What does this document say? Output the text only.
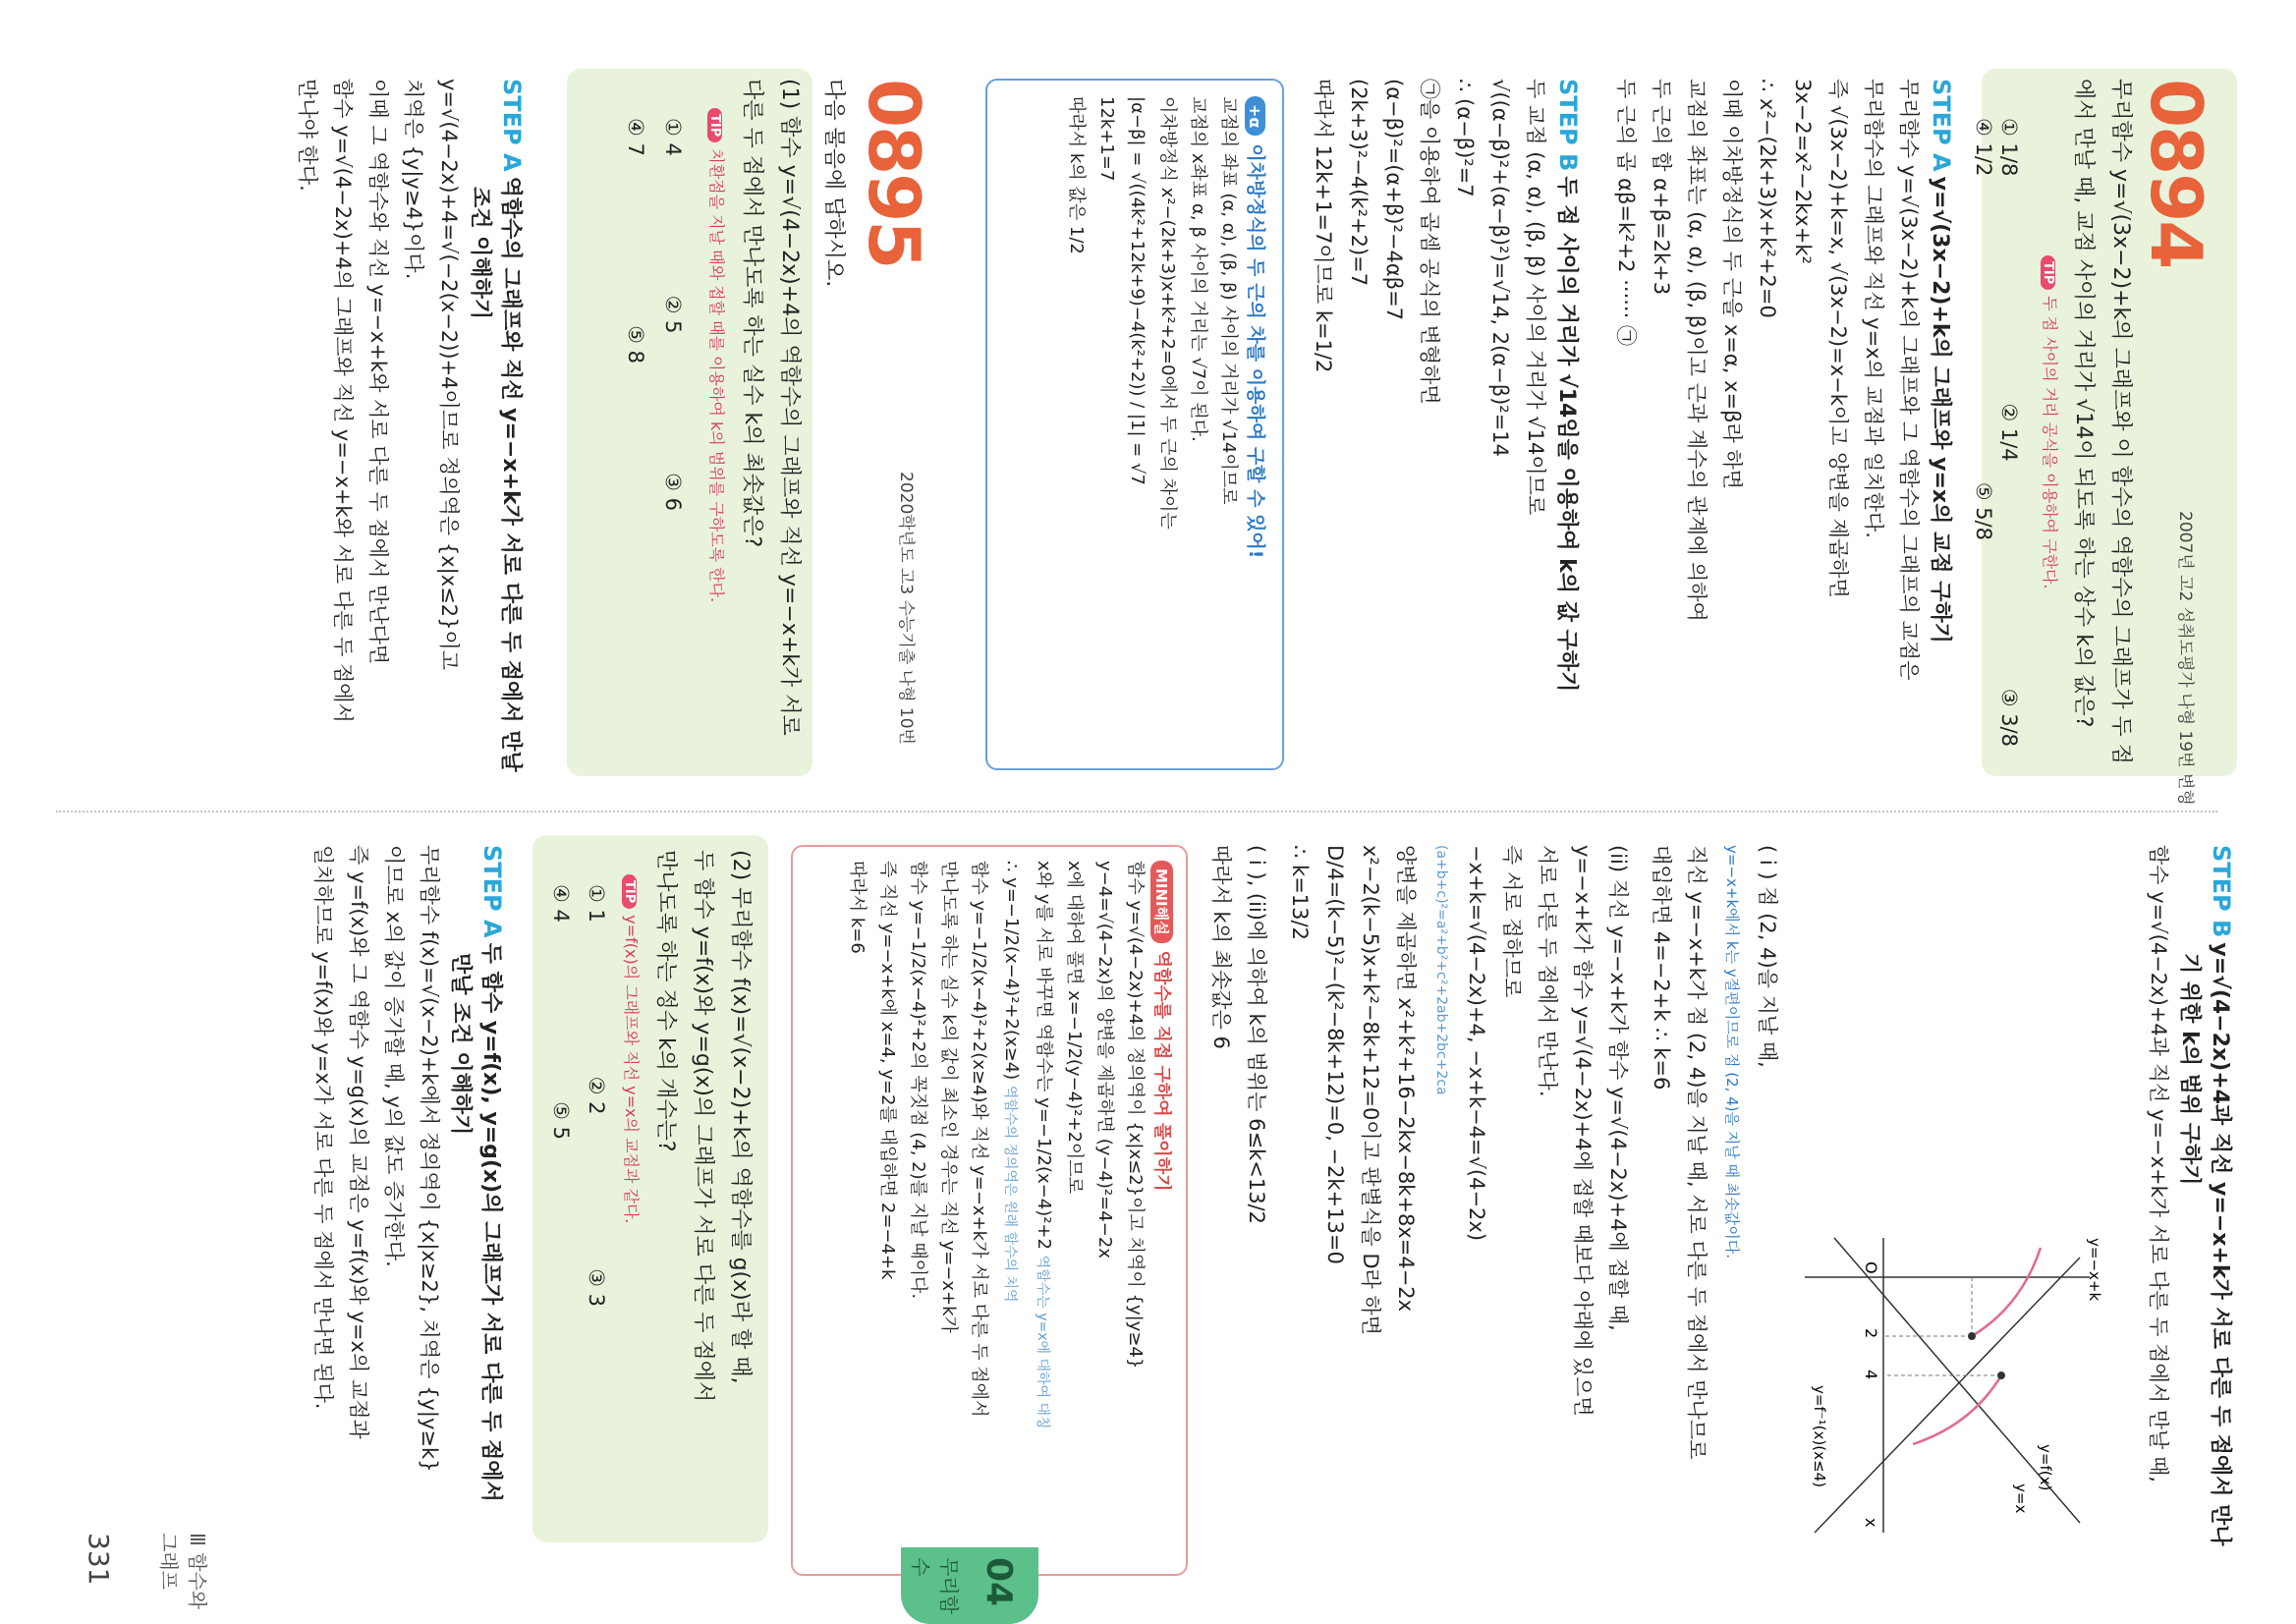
0894
2007년 고2 성취도평가 나형 19번 변형
무리함수 y=√(3x−2)+k의 그래프와 이 함수의 역함수의 그래프가 두 점
에서 만날 때, 교점 사이의 거리가 √14이 되도록 하는 상수 k의 값은?
TIP두 점 사이의 거리 공식을 이용하여 구한다.
① 1/8
② 1/4
③ 3/8
④ 1/2
⑤ 5/8
STEP A y=√(3x−2)+k의 그래프와 y=x의 교점 구하기
무리함수 y=√(3x−2)+k의 그래프와 그 역함수의 그래프의 교점은
무리함수의 그래프와 직선 y=x의 교점과 일치한다.
즉 √(3x−2)+k=x, √(3x−2)=x−k이고 양변을 제곱하면
3x−2=x²−2kx+k²
∴ x²−(2k+3)x+k²+2=0
이때 이차방정식의 두 근을 x=α, x=β라 하면
교점의 좌표는 (α, α), (β, β)이고 근과 계수의 관계에 의하여
두 근의 합 α+β=2k+3
두 근의 곱 αβ=k²+2 ······ ㉠
STEP B 두 점 사이의 거리가 √14임을 이용하여 k의 값 구하기
두 교점 (α, α), (β, β) 사이의 거리가 √14이므로
√((α−β)²+(α−β)²)=√14, 2(α−β)²=14
∴ (α−β)²=7
㉠을 이용하여 곱셈 공식의 변형하면
(α−β)²=(α+β)²−4αβ=7
(2k+3)²−4(k²+2)=7
따라서 12k+1=7이므로 k=1/2
+α이차방정식의 두 근의 차를 이용하여 구할 수 있어!
교점의 좌표 (α, α), (β, β) 사이의 거리가 √14이므로
교점의 x좌표 α, β 사이의 거리는 √7이 된다.
이차방정식 x²−(2k+3)x+k²+2=0에서 두 근의 차이는
|α−β| = √((4k²+12k+9)−4(k²+2)) / |1| = √7
12k+1=7
따라서 k의 값은 1/2
0895
2020학년도 고3 수능기출 나형 10번
다음 물음에 답하시오.
(1) 함수 y=√(4−2x)+4의 역함수의 그래프와 직선 y=−x+k가 서로
다른 두 점에서 만나도록 하는 실수 k의 최솟값은?
TIP치환점을 지날 때와 접할 때를 이용하여 k의 범위를 구하도록 한다.
① 4
② 5
③ 6
④ 7
⑤ 8
STEP A 역함수의 그래프와 직선 y=−x+k가 서로 다른 두 점에서 만날
조건 이해하기
y=√(4−2x)+4=√(−2(x−2))+4이므로 정의역은 {x|x≤2}이고
치역은 {y|y≥4}이다.
이때 그 역함수와 직선 y=−x+k와 서로 다른 두 점에서 만난다면
함수 y=√(4−2x)+4의 그래프와 직선 y=−x+k와 서로 다른 두 점에서
만나야 한다.
STEP B y=√(4−2x)+4과 직선 y=−x+k가 서로 다른 두 점에서 만나
기 위한 k의 범위 구하기
함수 y=√(4−2x)+4과 직선 y=−x+k가 서로 다른 두 점에서 만날 때,
O
2
4
x
y=f(x)
y=x
y=−x+k
y=f⁻¹(x)(x≤4)
( i ) 점 (2, 4)을 지날 때,
y=−x+k에서 k는 y절편이므로 점 (2, 4)을 지날 때 최솟값이다.
직선 y=−x+k가 점 (2, 4)을 지날 때, 서로 다른 두 점에서 만나므로
대입하면 4=−2+k ∴ k=6
(ii) 직선 y=−x+k가 함수 y=√(4−2x)+4에 접할 때,
y=−x+k가 함수 y=√(4−2x)+4에 접할 때보다 아래에 있으면
서로 다른 두 점에서 만난다.
즉 서로 접하므로
−x+k=√(4−2x)+4, −x+k−4=√(4−2x)
(a+b+c)²=a²+b²+c²+2ab+2bc+2ca
양변을 제곱하면 x²+k²+16−2kx−8k+8x=4−2x
x²−2(k−5)x+k²−8k+12=0이고 판별식을 D라 하면
D/4=(k−5)²−(k²−8k+12)=0, −2k+13=0
∴ k=13/2
( i ), (ii)에 의하여 k의 범위는 6≤k<13/2
따라서 k의 최솟값은 6
MINI해설역함수를 직접 구하여 풀이하기
함수 y=√(4−2x)+4의 정의역이 {x|x≤2}이고 치역이 {y|y≥4}
y−4=√(4−2x)의 양변을 제곱하면 (y−4)²=4−2x
x에 대하여 풀면 x=−1/2(y−4)²+2이므로
x와 y를 서로 바꾸면 역함수는 y=−1/2(x−4)²+2 역함수는 y=x에 대하여 대칭
∴ y=−1/2(x−4)²+2(x≥4) 역함수의 정의역은 원래 함수의 치역
함수 y=−1/2(x−4)²+2(x≥4)와 직선 y=−x+k가 서로 다른 두 점에서
만나도록 하는 실수 k의 값이 최소인 경우는 직선 y=−x+k가
함수 y=−1/2(x−4)²+2의 꼭짓점 (4, 2)를 지날 때이다.
즉 직선 y=−x+k에 x=4, y=2를 대입하면 2=−4+k
따라서 k=6
(2) 무리함수 f(x)=√(x−2)+k의 역함수를 g(x)라 할 때,
두 함수 y=f(x)와 y=g(x)의 그래프가 서로 다른 두 점에서
만나도록 하는 정수 k의 개수는?
TIPy=f(x)의 그래프와 직선 y=x의 교점과 같다.
① 1
② 2
③ 3
④ 4
⑤ 5
STEP A 두 함수 y=f(x), y=g(x)의 그래프가 서로 다른 두 점에서
만날 조건 이해하기
무리함수 f(x)=√(x−2)+k에서 정의역이 {x|x≥2}, 치역은 {y|y≥k}
이므로 x의 값이 증가할 때, y의 값도 증가한다.
즉 y=f(x)와 그 역함수 y=g(x)의 교점은 y=f(x)와 y=x의 교점과
일치하므로 y=f(x)와 y=x가 서로 다른 두 점에서 만나면 된다.
04
무리함수
Ⅲ 함수와 그래프
331
